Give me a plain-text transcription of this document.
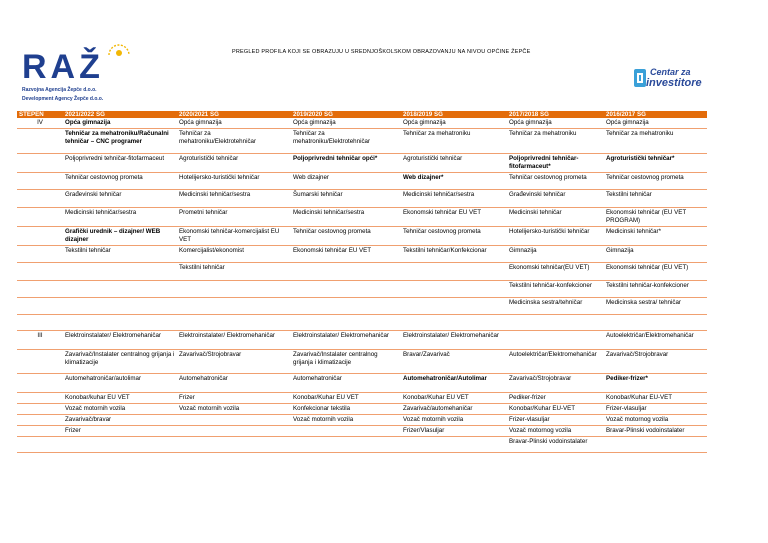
RAŽ
Razvojna Agencija Žepče d.o.o.
Development Agency Žepče d.o.o.
PREGLED PROFILA KOJI SE OBRAZUJU U SREDNJOŠKOLSKOM OBRAZOVANJU NA NIVOU OPĆINE ŽEPČE
Centar za
investitore
STEPEN	2021/2022 ŠG	2020/2021 ŠG	2019/2020 ŠG	2018/2019 ŠG	2017/2018 ŠG	2016/2017 ŠG
IV	Opća gimnazija	Opća gimnazija	Opća gimnazija	Opća gimnazija	Opća gimnazija	Opća gimnazija
	Tehničar za mehatroniku/Računalni tehničar – CNC programer	Tehničar za mehatroniku/Elektrotehničar	Tehničar za mehatroniku/Elektrotehničar	Tehničar za mehatroniku	Tehničar za mehatroniku	Tehničar za mehatroniku
	Poljoprivredni tehničar-fitofarmaceut	Agroturistički tehničar	Poljoprivredni tehničar opći*	Agroturistički tehničar	Poljoprivredni tehničar-fitofarmaceut*	Agroturistički tehničar*
	Tehničar cestovnog prometa	Hotelijersko-turistički tehničar	Web dizajner	Web dizajner*	Tehničar cestovnog prometa	Tehničar cestovnog prometa
	Građevinski tehničar	Medicinski tehničar/sestra	Šumarski tehničar	Medicinski tehničar/sestra	Građevinski tehničar	Tekstilni tehničar
	Medicinski tehničar/sestra	Prometni tehničar	Medicinski tehničar/sestra	Ekonomski tehničar EU VET	Medicinski tehničar	Ekonomski tehničar (EU VET PROGRAM)
	Grafički urednik – dizajner/ WEB dizajner	Ekonomski tehničar-komercijalist EU VET	Tehničar cestovnog prometa	Tehničar cestovnog prometa	Hotelijersko-turistički tehničar	Medicinski tehničar*
	Tekstilni tehničar	Komercijalist/ekonomist	Ekonomski tehničar EU VET	Tekstilni tehničar/Konfekcionar	Gimnazija	Gimnazija
		Tekstilni tehničar			Ekonomski tehničar(EU VET)	Ekonomski tehničar (EU VET)
					Tekstilni tehničar-konfekcioner	Tekstilni tehničar-konfekcioner
					Medicinska sestra/tehničar	Medicinska sestra/ tehničar

III	Elektroinstalater/ Elektromehaničar	Elektroinstalater/ Elektromehaničar	Elektroinstalater/ Elektromehaničar	Elektroinstalater/ Elektromehaničar		Autoelektričar/Elektromehaničar
	Zavarivač/Instalater centralnog grijanja i klimatizacije	Zavarivač/Strojobravar	Zavarivač/Instalater centralnog grijanja i klimatizacije	Bravar/Zavarivač	Autoelektričar/Elektromehaničar	Zavarivač/Strojobravar
	Automehatroničar/autolimar	Automehatroničar	Automehatroničar	Automehatroničar/Autolimar	Zavarivač/Strojobravar	Pediker-frizer*
	Konobar/kuhar EU VET	Frizer	Konobar/Kuhar EU VET	Konobar/Kuhar EU VET	Pediker-frizer	Konobar/Kuhar EU-VET
	Vozač motornih vozila	Vozač motornih vozila	Konfekcionar tekstila	Zavarivač/automehaničar	Konobar/Kuhar EU-VET	Frizer-vlasuljar
	Zavarivač/bravar		Vozač motornih vozila	Vozač motornih vozila	Frizer-vlasuljar	Vozač motornog vozila
	Frizer			Frizer/Vlasuljar	Vozač motornog vozila	Bravar-Plinski vodoinstalater
					Bravar-Plinski vodoinstalater	
